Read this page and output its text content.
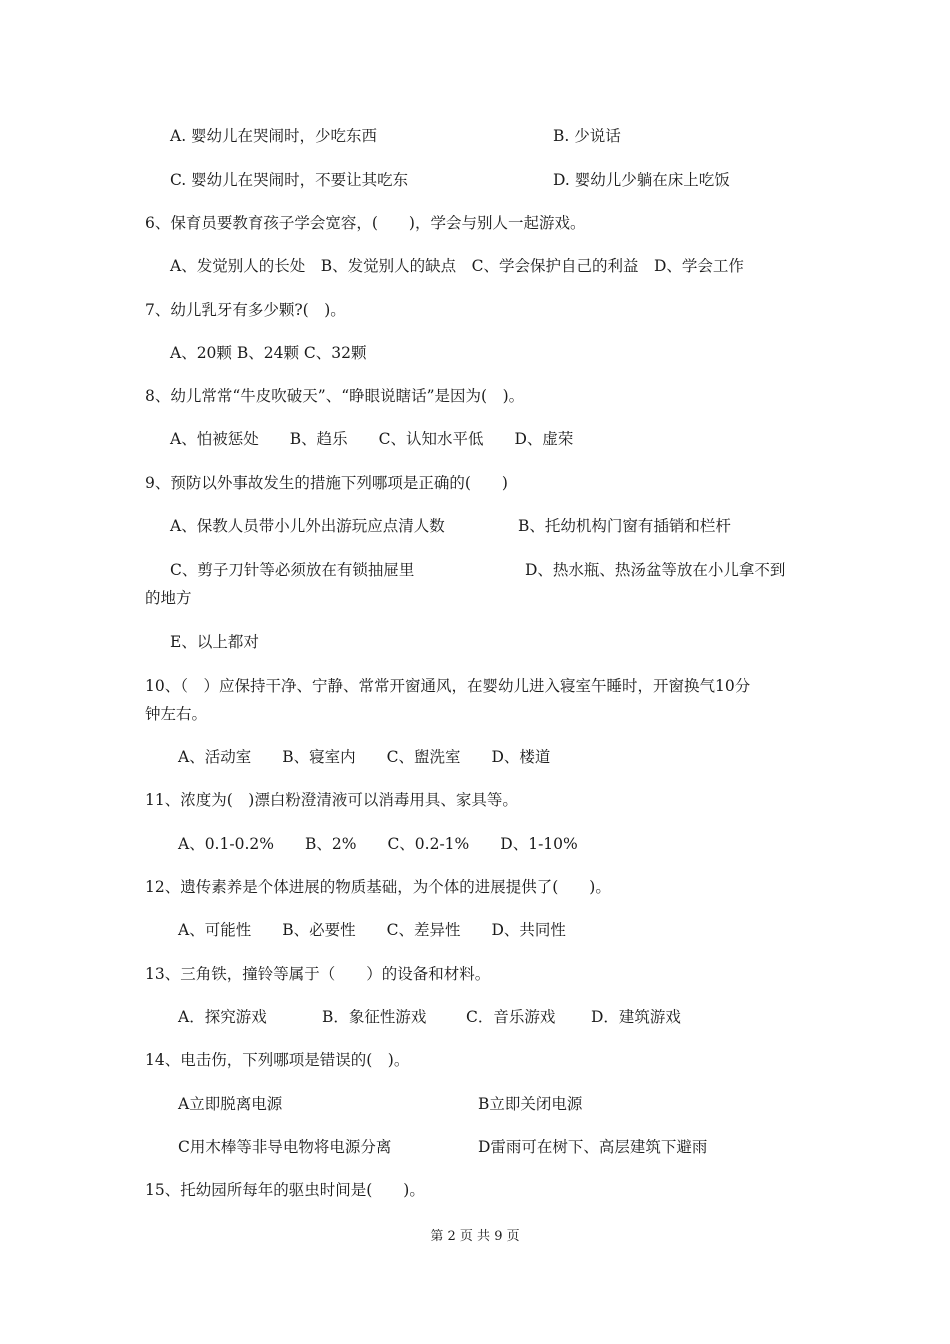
A. 婴幼儿在哭闹时，少吃东西	B. 少说话
C. 婴幼儿在哭闹时，不要让其吃东	D. 婴幼儿少躺在床上吃饭
6、保育员要教育孩子学会宽容，(　　)，学会与别人一起游戏。
A、发觉别人的长处　B、发觉别人的缺点　C、学会保护自己的利益　D、学会工作
7、幼儿乳牙有多少颗?(　)。
A、20颗 B、24颗 C、32颗
8、幼儿常常“牛皮吹破天”、“睁眼说瞎话”是因为(　)。
A、怕被惩处　　B、趋乐　　C、认知水平低　　D、虚荣
9、预防以外事故发生的措施下列哪项是正确的(　　)
A、保教人员带小儿外出游玩应点清人数	B、托幼机构门窗有插销和栏杆
C、剪子刀针等必须放在有锁抽屉里	D、热水瓶、热汤盆等放在小儿拿不到
的地方
E、以上都对
10、（　）应保持干净、宁静、常常开窗通风，在婴幼儿进入寝室午睡时，开窗换气10分
钟左右。
A、活动室　　B、寝室内　　C、盥洗室　　D、楼道
11、浓度为(　)漂白粉澄清液可以消毒用具、家具等。
A、0.1-0.2%　　B、2%　　C、0.2-1%　　D、1-10%
12、遗传素养是个体进展的物质基础，为个体的进展提供了(　　)。
A、可能性　　B、必要性　　C、差异性　　D、共同性
13、三角铁，撞铃等属于（　　）的设备和材料。
A．探究游戏	B．象征性游戏	C．音乐游戏 D．建筑游戏
14、电击伤，下列哪项是错误的(　)。
A立即脱离电源	B立即关闭电源
C用木棒等非导电物将电源分离	D雷雨可在树下、高层建筑下避雨
15、托幼园所每年的驱虫时间是(　　)。
第 2 页 共 9 页
